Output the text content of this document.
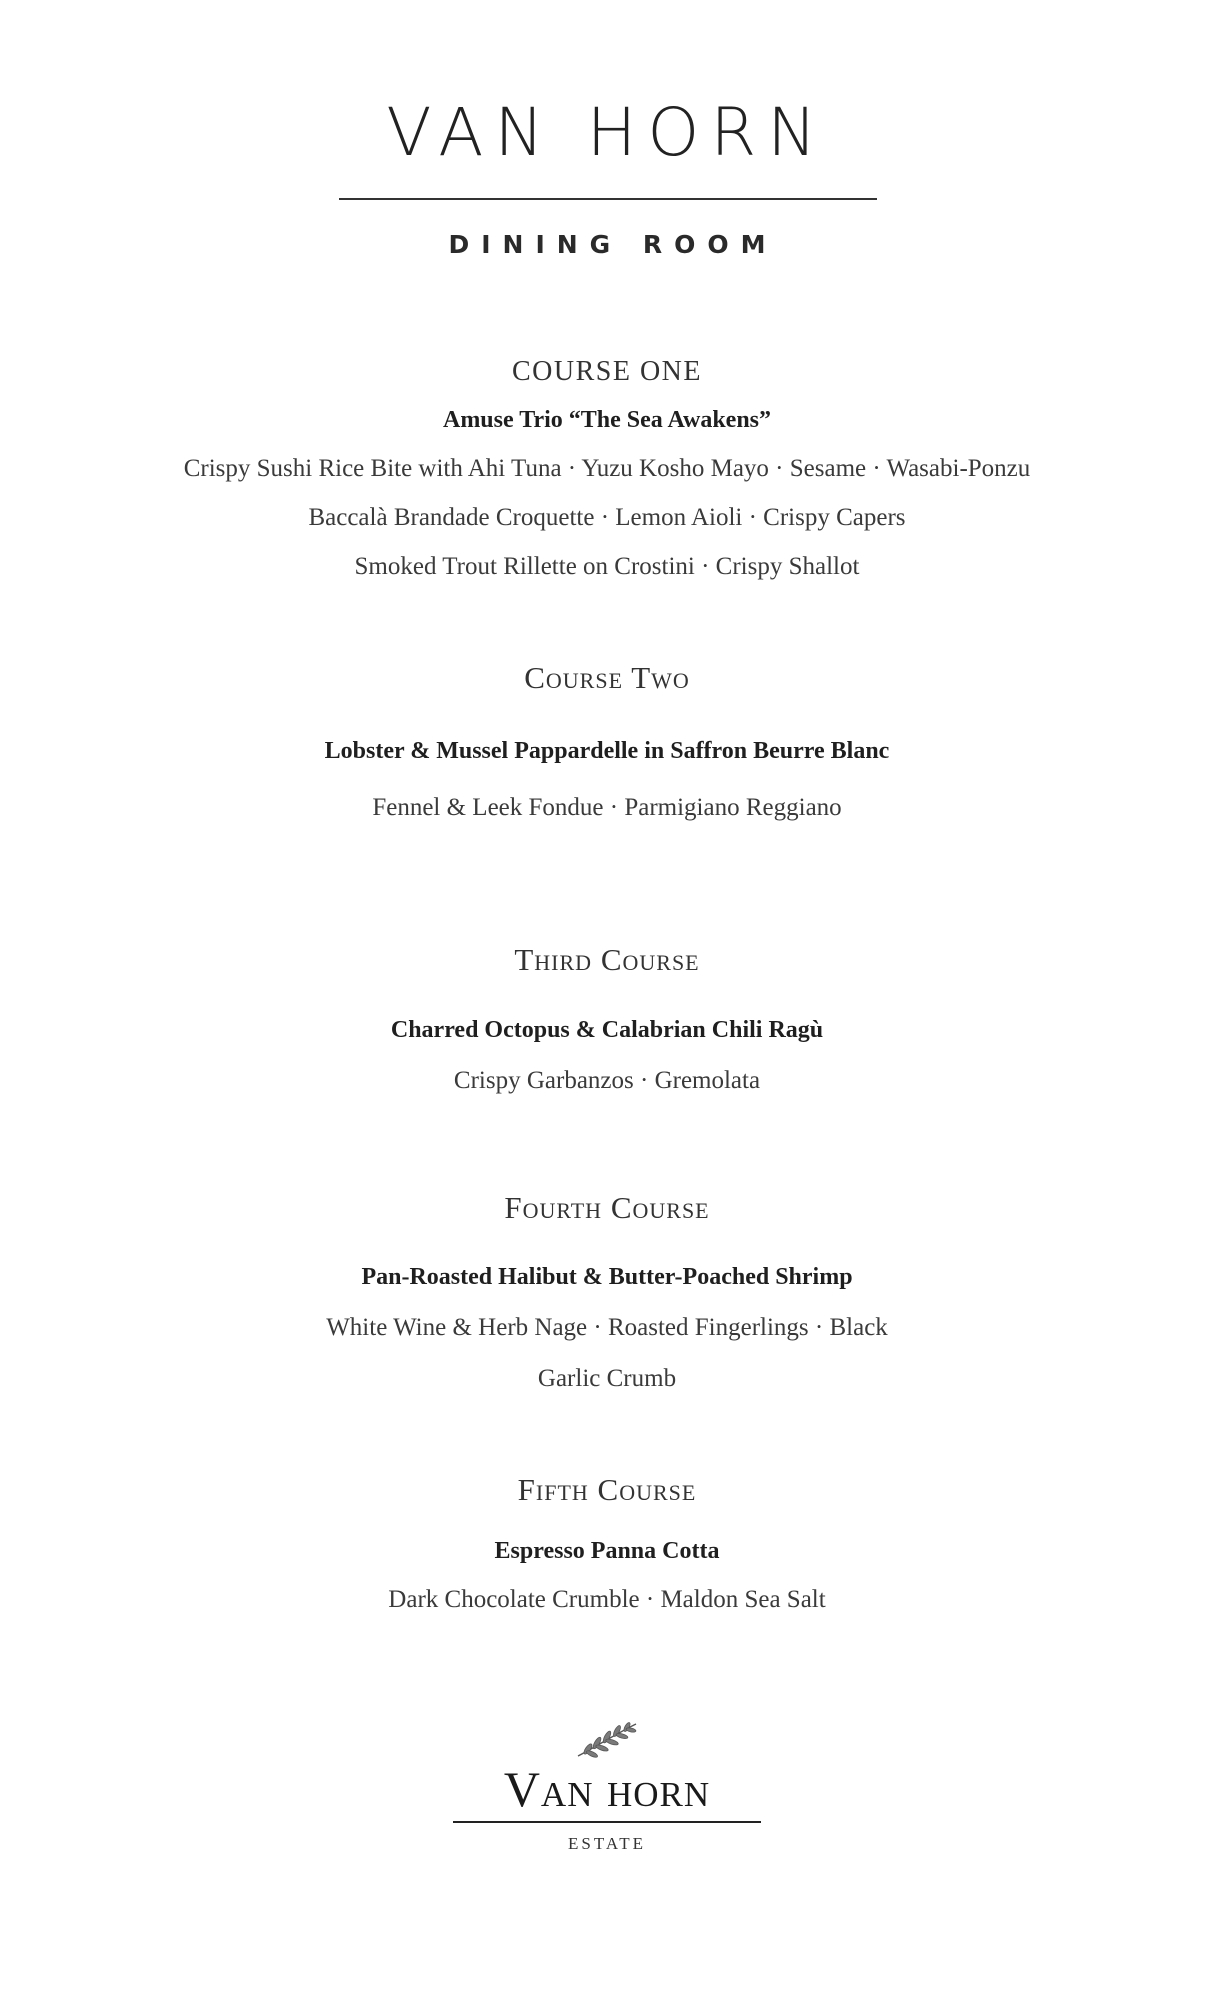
VAN HORN
DINING ROOM

COURSE ONE

Amuse Trio “The Sea Awakens”

Crispy Sushi Rice Bite with Ahi Tuna · Yuzu Kosho Mayo · Sesame · Wasabi-Ponzu

Baccalà Brandade Croquette · Lemon Aioli · Crispy Capers

Smoked Trout Rillette on Crostini · Crispy Shallot

Course Two

Lobster & Mussel Pappardelle in Saffron Beurre Blanc

Fennel & Leek Fondue · Parmigiano Reggiano

Third Course

Charred Octopus & Calabrian Chili Ragù

Crispy Garbanzos · Gremolata

Fourth Course

Pan-Roasted Halibut & Butter-Poached Shrimp

White Wine & Herb Nage · Roasted Fingerlings · Black

Garlic Crumb

Fifth Course

Espresso Panna Cotta

Dark Chocolate Crumble · Maldon Sea Salt

Van horn
ESTATE
